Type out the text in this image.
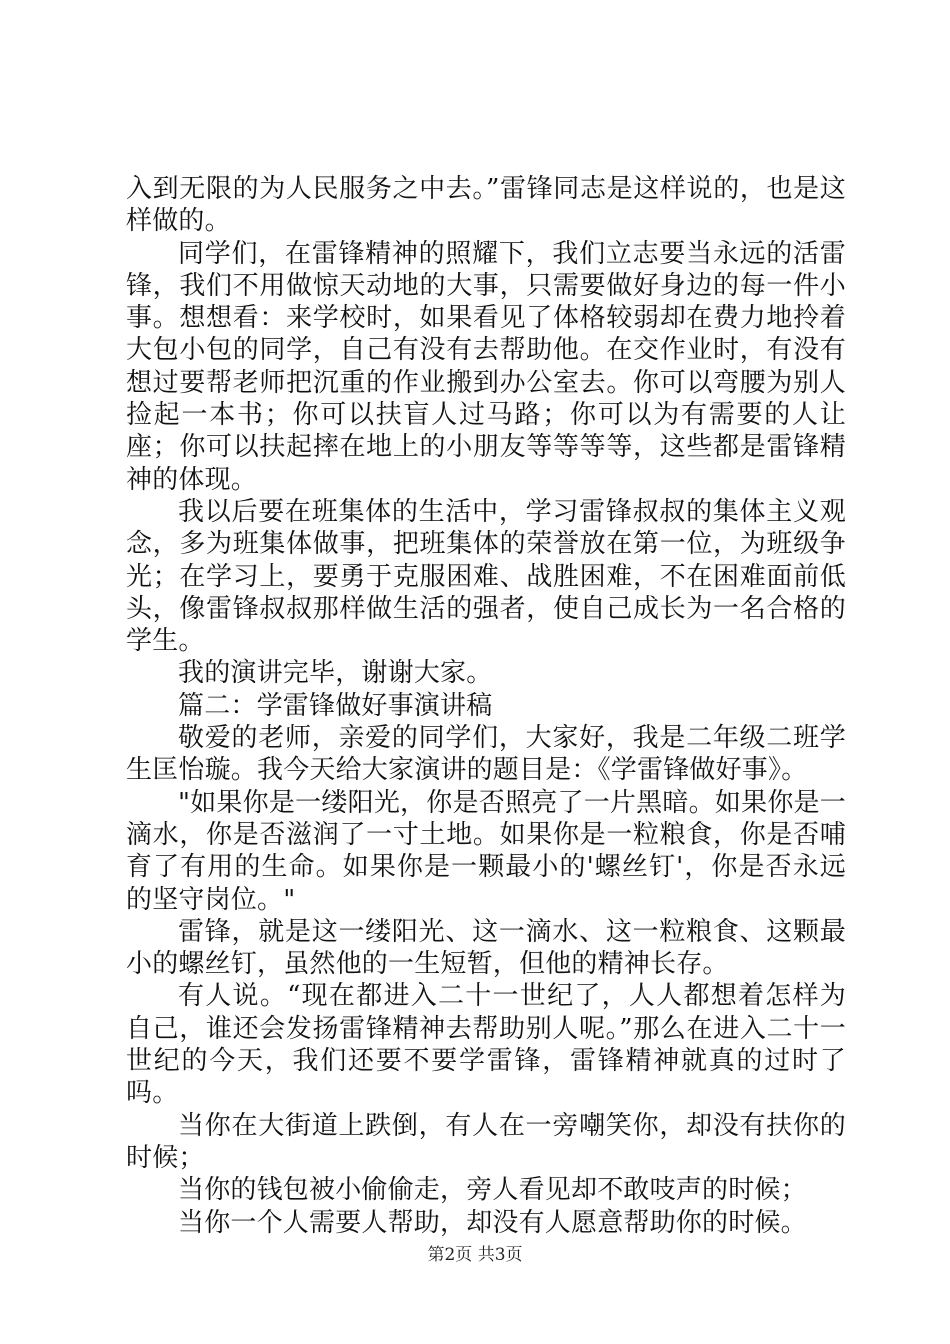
入到无限的为人民服务之中去。”雷锋同志是这样说的，也是这样做的。

同学们，在雷锋精神的照耀下，我们立志要当永远的活雷锋，我们不用做惊天动地的大事，只需要做好身边的每一件小事。想想看：来学校时，如果看见了体格较弱却在费力地拎着大包小包的同学，自己有没有去帮助他。在交作业时，有没有想过要帮老师把沉重的作业搬到办公室去。你可以弯腰为别人捡起一本书；你可以扶盲人过马路；你可以为有需要的人让座；你可以扶起摔在地上的小朋友等等等等，这些都是雷锋精神的体现。

我以后要在班集体的生活中，学习雷锋叔叔的集体主义观念，多为班集体做事，把班集体的荣誉放在第一位，为班级争光；在学习上，要勇于克服困难、战胜困难，不在困难面前低头，像雷锋叔叔那样做生活的强者，使自己成长为一名合格的学生。

我的演讲完毕，谢谢大家。

篇二：学雷锋做好事演讲稿

敬爱的老师，亲爱的同学们，大家好，我是二年级二班学生匡怡璇。我今天给大家演讲的题目是：《学雷锋做好事》。

"如果你是一缕阳光，你是否照亮了一片黑暗。如果你是一滴水，你是否滋润了一寸土地。如果你是一粒粮食，你是否哺育了有用的生命。如果你是一颗最小的'螺丝钉'，你是否永远的坚守岗位。"

雷锋，就是这一缕阳光、这一滴水、这一粒粮食、这颗最小的螺丝钉，虽然他的一生短暂，但他的精神长存。

有人说。“现在都进入二十一世纪了，人人都想着怎样为自己，谁还会发扬雷锋精神去帮助别人呢。”那么在进入二十一世纪的今天，我们还要不要学雷锋，雷锋精神就真的过时了吗。

当你在大街道上跌倒，有人在一旁嘲笑你，却没有扶你的时候；

当你的钱包被小偷偷走，旁人看见却不敢吱声的时候；

当你一个人需要人帮助，却没有人愿意帮助你的时候。

第2页 共3页
